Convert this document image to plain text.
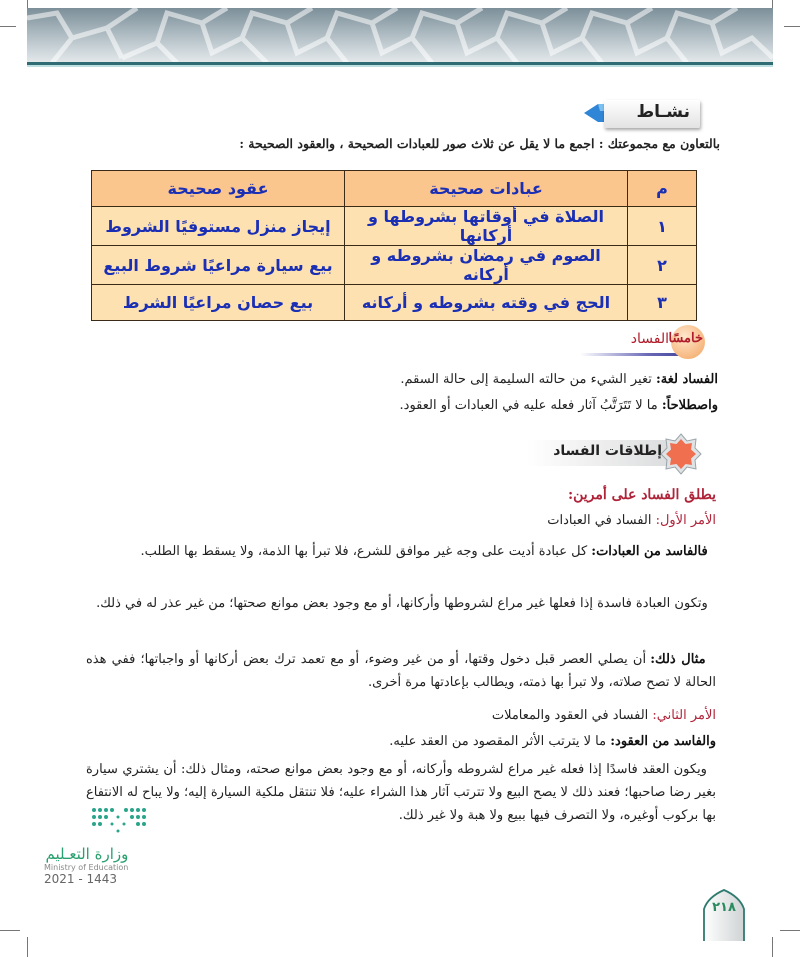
نشـاط
بالتعاون مع مجموعتك : اجمع ما لا يقل عن ثلاث صور للعبادات الصحيحة ، والعقود الصحيحة :
م	عبادات صحيحة	عقود صحيحة
١	الصلاة في أوقاتها بشروطها و أركانها	إيجاز منزل مستوفيًا الشروط
٢	الصوم في رمضان بشروطه و أركانه	بيع سيارة مراعيًا شروط البيع
٣	الحج في وقته بشروطه و أركانه	بيع حصان مراعيًا الشرط
خامسًا
الفساد
الفساد لغة: تغير الشيء من حالته السليمة إلى حالة السقم.
واصطلاحاً: ما لا تَتَرَتَّبُ آثار فعله عليه في العبادات أو العقود.
إطلاقات الفساد
يطلق الفساد على أمرين:
الأمر الأول: الفساد في العبادات
فالفاسد من العبادات: كل عبادة أديت على وجه غير موافق للشرع، فلا تبرأ بها الذمة، ولا يسقط بها الطلب.
وتكون العبادة فاسدة إذا فعلها غير مراع لشروطها وأركانها، أو مع وجود بعض موانع صحتها؛ من غير عذر له في ذلك.
مثال ذلك: أن يصلي العصر قبل دخول وقتها، أو من غير وضوء، أو مع تعمد ترك بعض أركانها أو واجباتها؛ ففي هذه الحالة لا تصح صلاته، ولا تبرأ بها ذمته، ويطالب بإعادتها مرة أخرى.
الأمر الثاني: الفساد في العقود والمعاملات
والفاسد من العقود: ما لا يترتب الأثر المقصود من العقد عليه.
ويكون العقد فاسدًا إذا فعله غير مراع لشروطه وأركانه، أو مع وجود بعض موانع صحته، ومثال ذلك: أن يشتري سيارة بغير رضا صاحبها؛ فعند ذلك لا يصح البيع ولا تترتب آثار هذا الشراء عليه؛ فلا تنتقل ملكية السيارة إليه؛ ولا يباح له الانتفاع بها بركوب أوغيره، ولا التصرف فيها ببيع ولا هبة ولا غير ذلك.
وزارة التعـليم
Ministry of Education
2021 - 1443
٢١٨
